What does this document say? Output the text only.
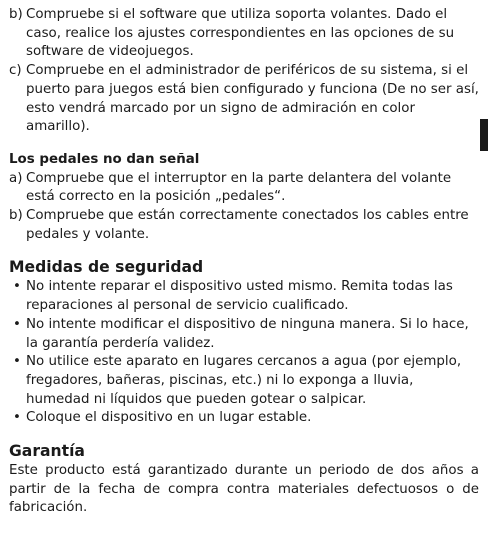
b) Compruebe si el software que utiliza soporta volantes. Dado el caso, realice los ajustes correspondientes en las opciones de su software de videojuegos.
c) Compruebe en el administrador de periféricos de su sistema, si el puerto para juegos está bien configurado y funciona (De no ser así, esto vendrá marcado por un signo de admiración en color amarillo).
Los pedales no dan señal
a) Compruebe que el interruptor en la parte delantera del volante está correcto en la posición „pedales“.
b) Compruebe que están correctamente conectados los cables entre pedales y volante.
Medidas de seguridad
• No intente reparar el dispositivo usted mismo. Remita todas las reparaciones al personal de servicio cualificado.
• No intente modificar el dispositivo de ninguna manera. Si lo hace, la garantía perdería validez.
• No utilice este aparato en lugares cercanos a agua (por ejemplo, fregadores, bañeras, piscinas, etc.) ni lo exponga a lluvia, humedad ni líquidos que pueden gotear o salpicar.
• Coloque el dispositivo en un lugar estable.
Garantía

Este producto está garantizado durante un periodo de dos años a partir de la fecha de compra contra materiales defectuosos o de fabricación.
